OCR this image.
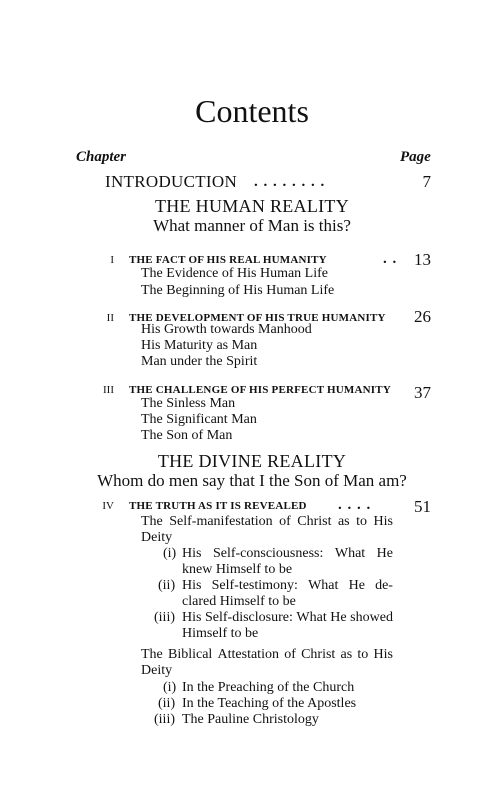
Contents
Chapter	Page
INTRODUCTION . . . . . . . .	7
THE HUMAN REALITY
What manner of Man is this?
I THE FACT OF HIS REAL HUMANITY	. . 13
The Evidence of His Human Life
The Beginning of His Human Life
II THE DEVELOPMENT OF HIS TRUE HUMANITY	26
His Growth towards Manhood
His Maturity as Man
Man under the Spirit
III THE CHALLENGE OF HIS PERFECT HUMANITY	37
The Sinless Man
The Significant Man
The Son of Man
THE DIVINE REALITY
Whom do men say that I the Son of Man am?
IV THE TRUTH AS IT IS REVEALED . . . .	51
The Self-manifestation of Christ as to His
Deity
(i) His Self-consciousness: What He
knew Himself to be
(ii) His Self-testimony: What He de-
clared Himself to be
(iii) His Self-disclosure: What He showed
Himself to be
The Biblical Attestation of Christ as to His
Deity
(i) In the Preaching of the Church
(ii) In the Teaching of the Apostles
(iii) The Pauline Christology
